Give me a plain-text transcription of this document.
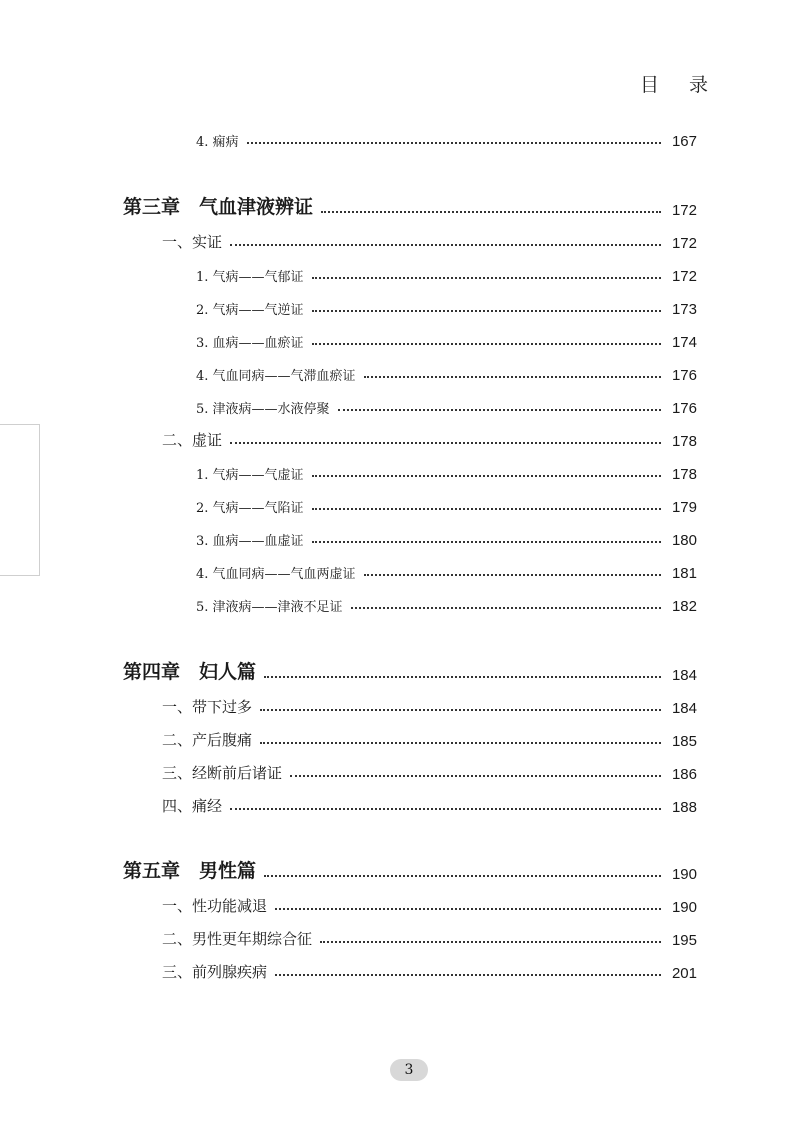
目 录
4. 痫病	167
第三章　气血津液辨证	172
一、实证	172
1. 气病——气郁证	172
2. 气病——气逆证	173
3. 血病——血瘀证	174
4. 气血同病——气滞血瘀证	176
5. 津液病——水液停聚	176
二、虚证	178
1. 气病——气虚证	178
2. 气病——气陷证	179
3. 血病——血虚证	180
4. 气血同病——气血两虚证	181
5. 津液病——津液不足证	182
第四章　妇人篇	184
一、带下过多	184
二、产后腹痛	185
三、经断前后诸证	186
四、痛经	188
第五章　男性篇	190
一、性功能减退	190
二、男性更年期综合征	195
三、前列腺疾病	201
3
